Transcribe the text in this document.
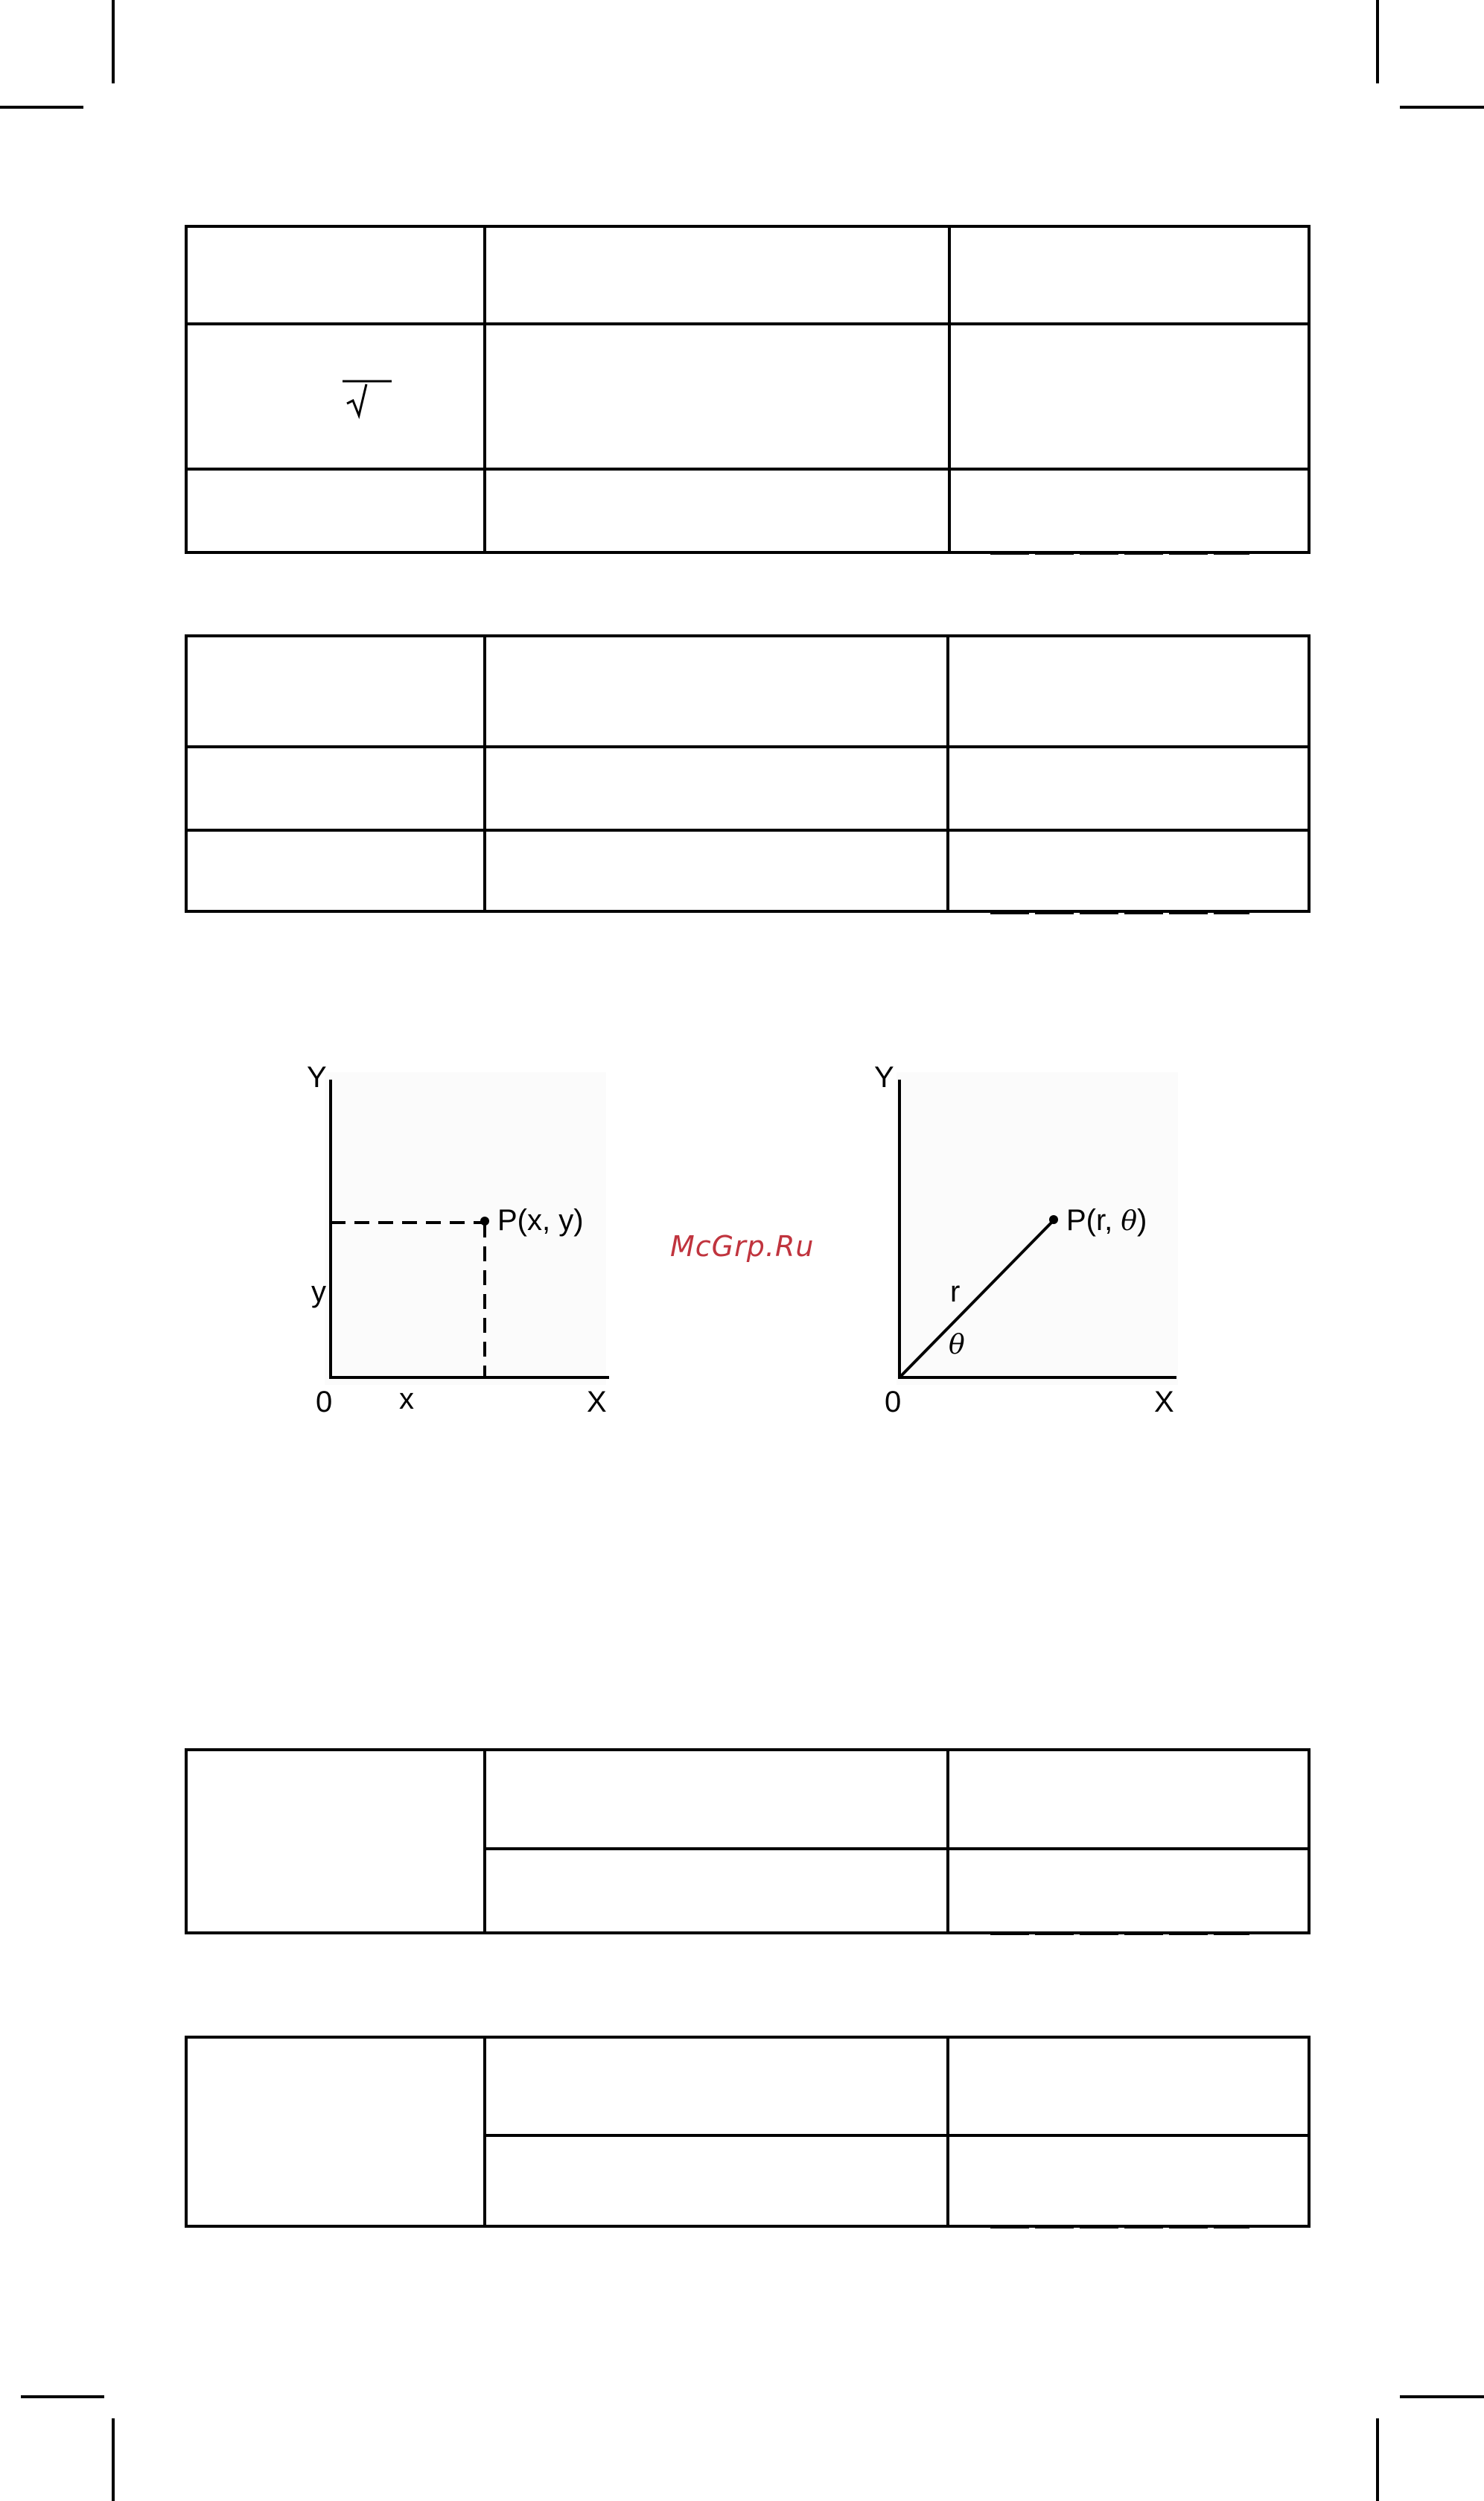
Y
X
0
P(x, y)
x
y
McGrp.Ru
Y
X
0
P(r, θ)
r
θ
